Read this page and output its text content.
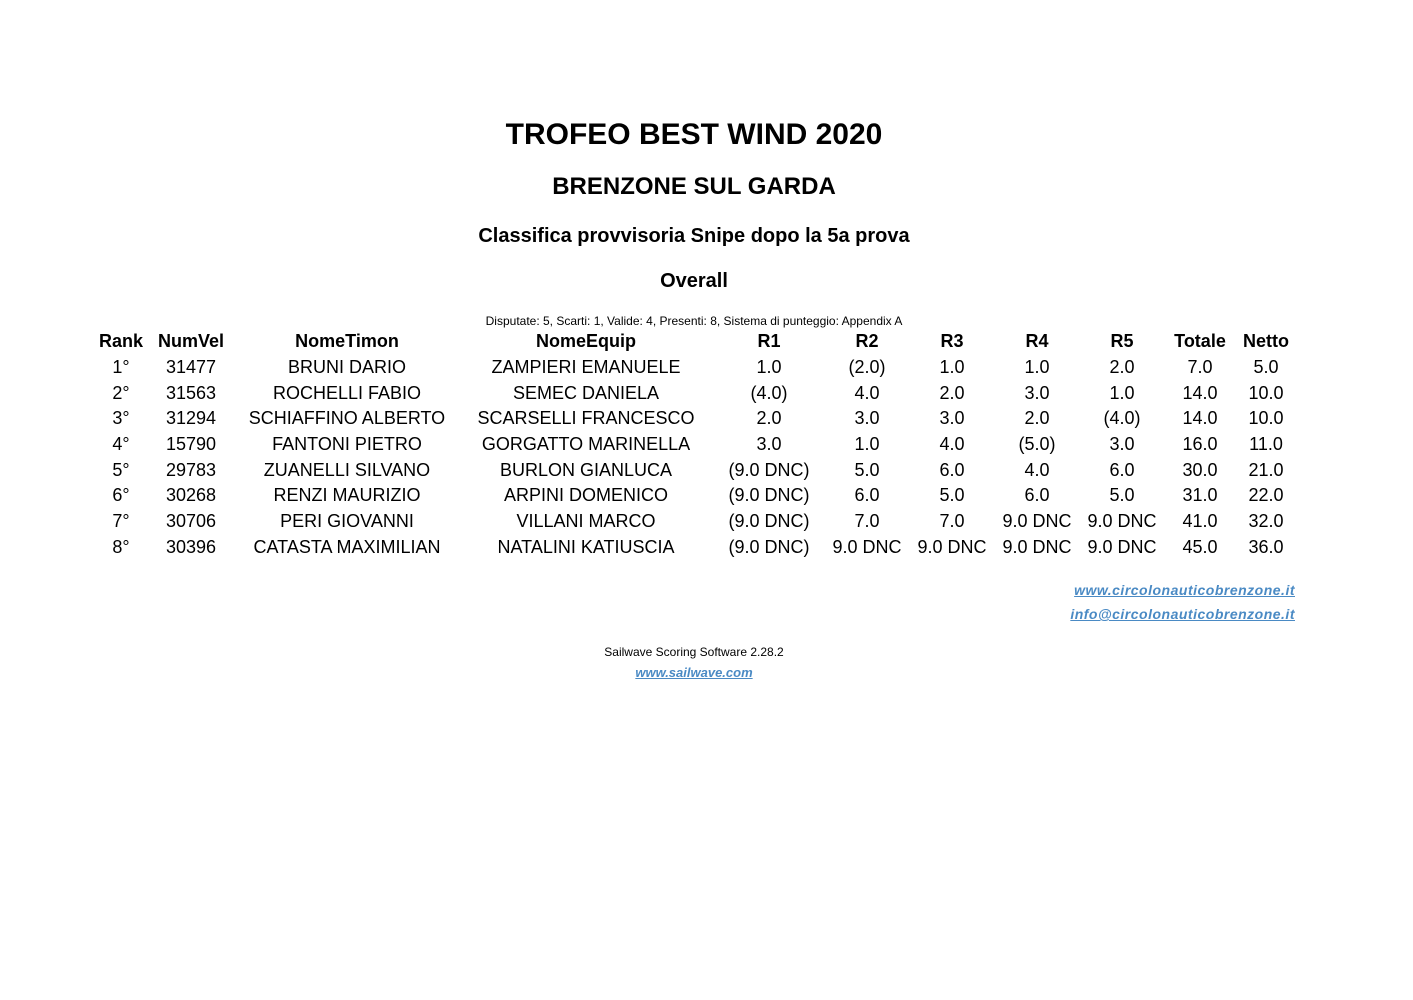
TROFEO BEST WIND 2020
BRENZONE SUL GARDA
Classifica provvisoria Snipe dopo la 5a prova
Overall
Disputate: 5, Scarti: 1, Valide: 4, Presenti: 8, Sistema di punteggio: Appendix A
Rank	NumVel	NomeTimon	NomeEquip	R1	R2	R3	R4	R5	Totale	Netto
1°	31477	BRUNI DARIO	ZAMPIERI EMANUELE	1.0	(2.0)	1.0	1.0	2.0	7.0	5.0
2°	31563	ROCHELLI FABIO	SEMEC DANIELA	(4.0)	4.0	2.0	3.0	1.0	14.0	10.0
3°	31294	SCHIAFFINO ALBERTO	SCARSELLI FRANCESCO	2.0	3.0	3.0	2.0	(4.0)	14.0	10.0
4°	15790	FANTONI PIETRO	GORGATTO MARINELLA	3.0	1.0	4.0	(5.0)	3.0	16.0	11.0
5°	29783	ZUANELLI SILVANO	BURLON GIANLUCA	(9.0 DNC)	5.0	6.0	4.0	6.0	30.0	21.0
6°	30268	RENZI MAURIZIO	ARPINI DOMENICO	(9.0 DNC)	6.0	5.0	6.0	5.0	31.0	22.0
7°	30706	PERI GIOVANNI	VILLANI MARCO	(9.0 DNC)	7.0	7.0	9.0 DNC	9.0 DNC	41.0	32.0
8°	30396	CATASTA MAXIMILIAN	NATALINI KATIUSCIA	(9.0 DNC)	9.0 DNC	9.0 DNC	9.0 DNC	9.0 DNC	45.0	36.0
www.circolonauticobrenzone.it
info@circolonauticobrenzone.it
Sailwave Scoring Software 2.28.2
www.sailwave.com
